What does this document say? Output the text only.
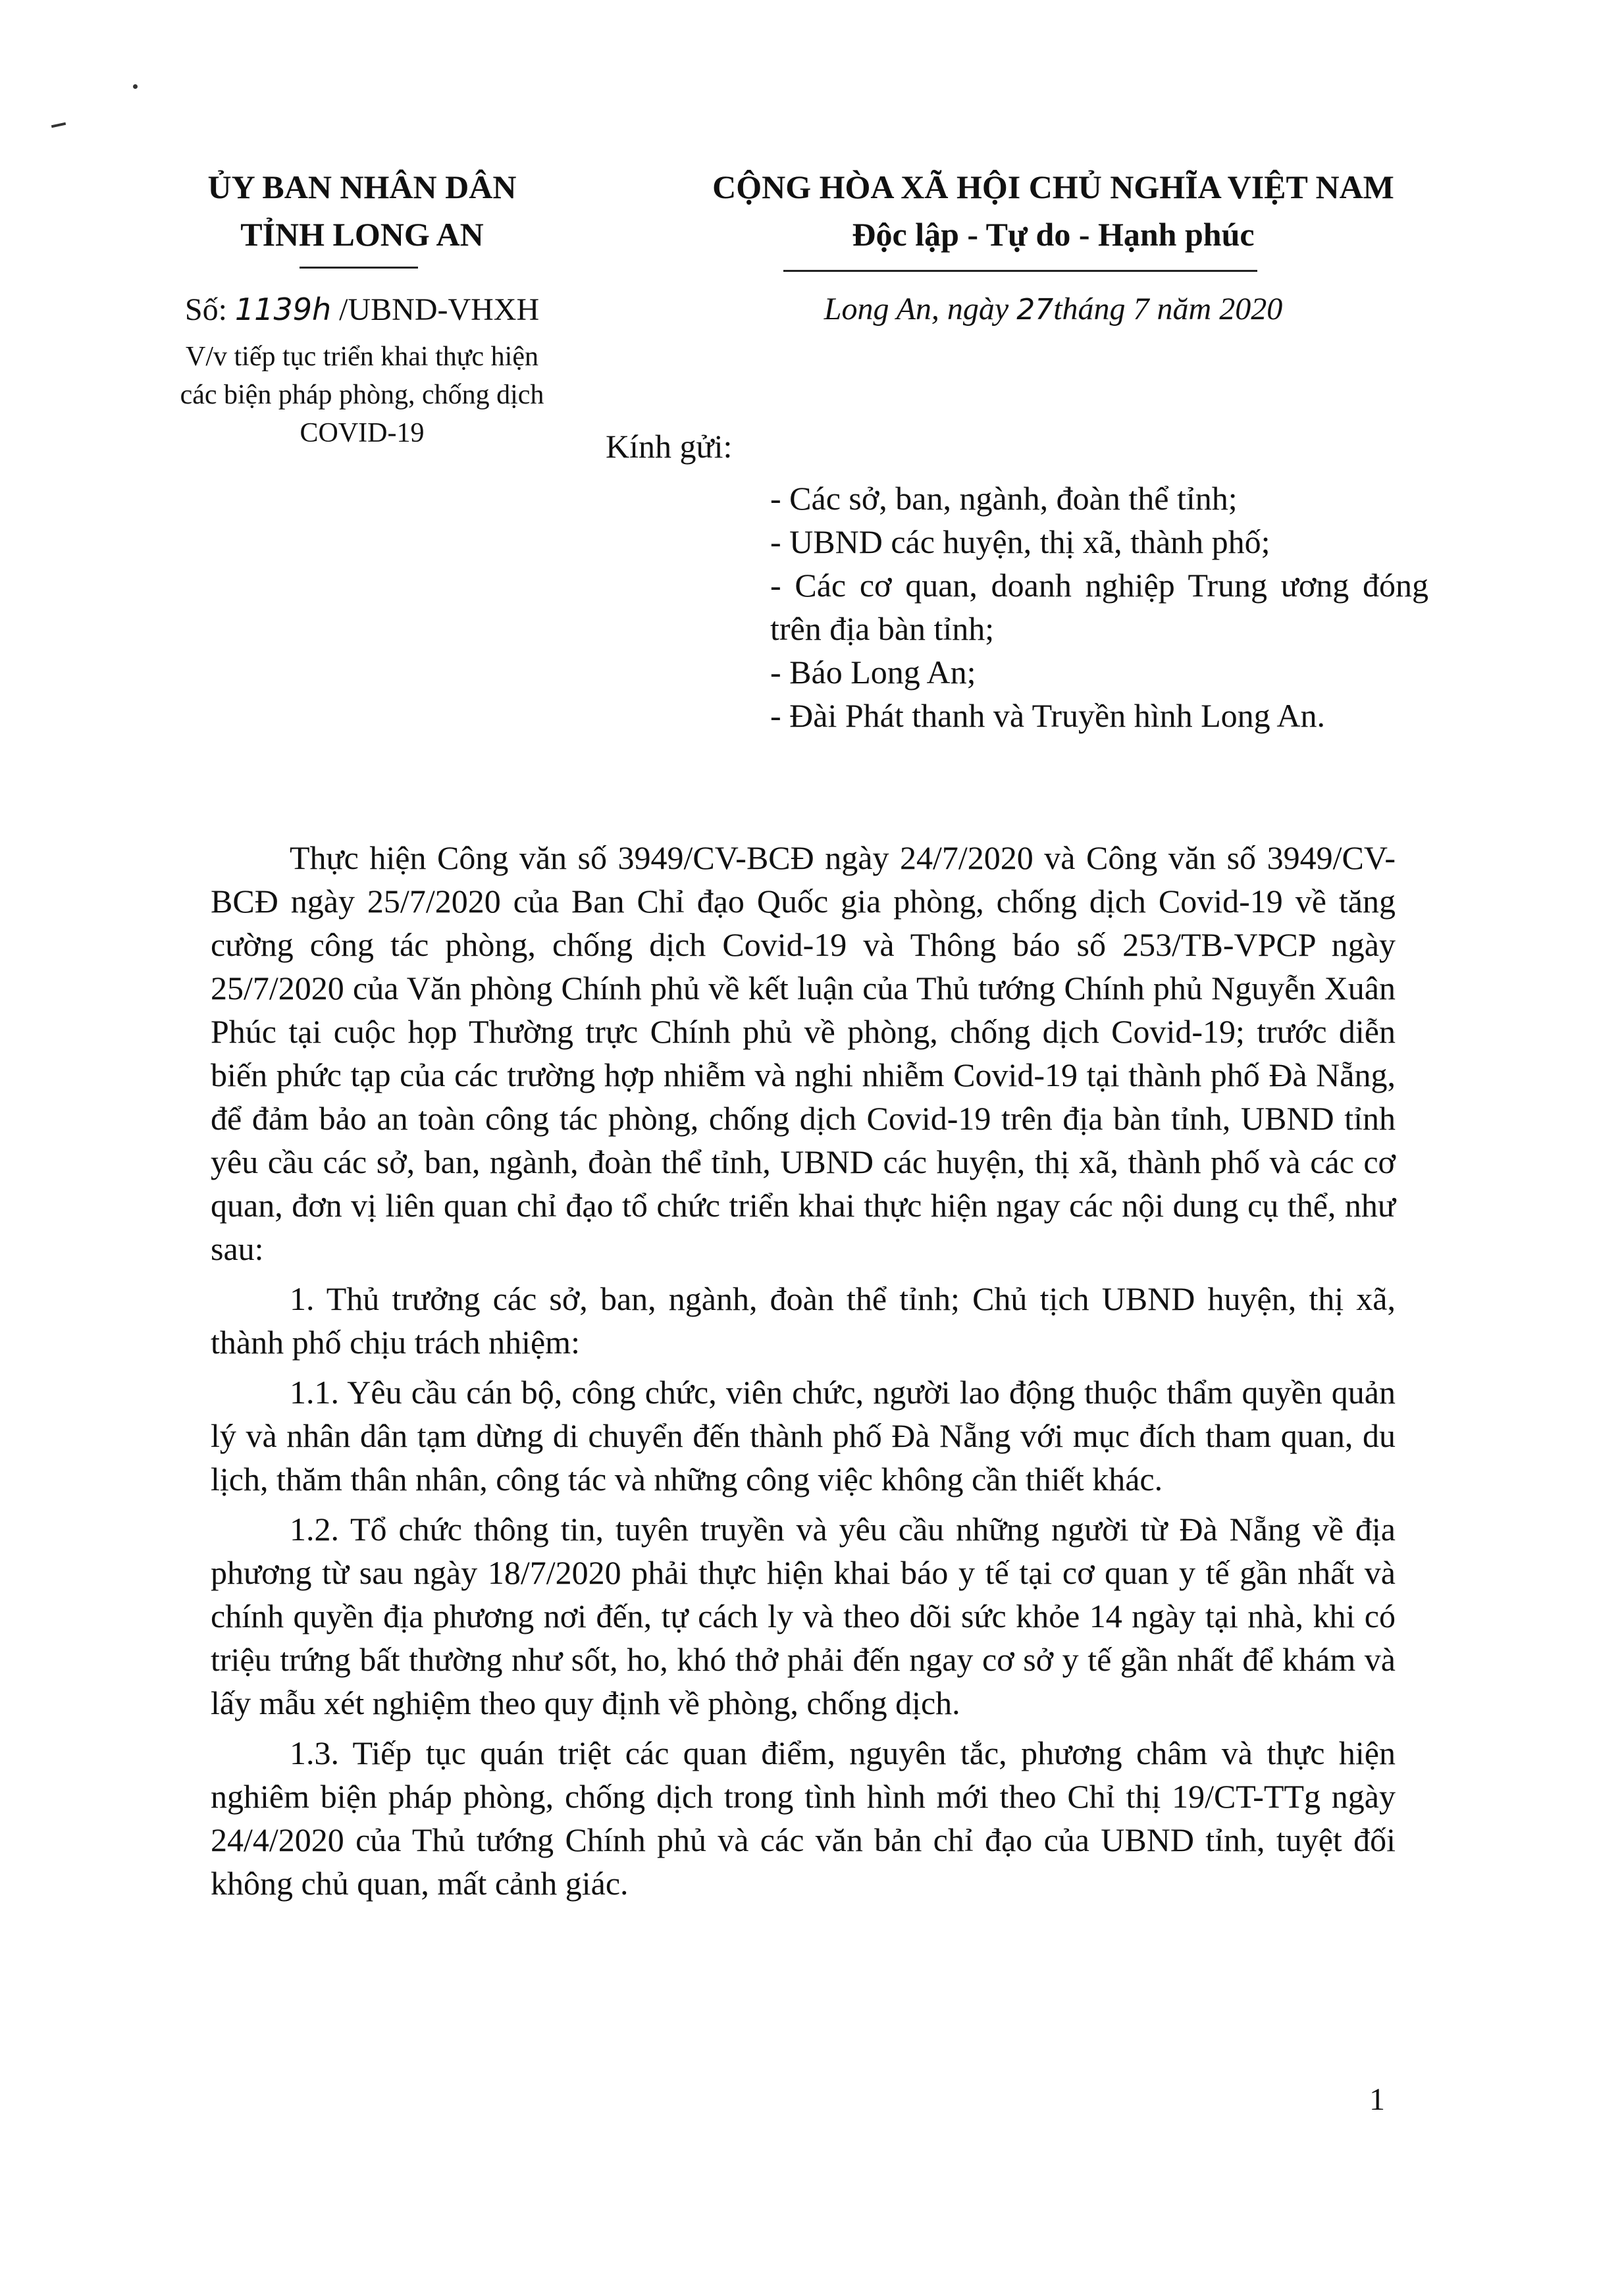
ỦY BAN NHÂN DÂN
TỈNH LONG AN
Số: 1139h /UBND-VHXH
V/v tiếp tục triển khai thực hiện
các biện pháp phòng, chống dịch
COVID-19
CỘNG HÒA XÃ HỘI CHỦ NGHĨA VIỆT NAM
Độc lập - Tự do - Hạnh phúc
Long An, ngày 27tháng 7 năm 2020
Kính gửi:
- Các sở, ban, ngành, đoàn thể tỉnh;
- UBND các huyện, thị xã, thành phố;
- Các cơ quan, doanh nghiệp Trung ương đóng trên địa bàn tỉnh;
- Báo Long An;
- Đài Phát thanh và Truyền hình Long An.

Thực hiện Công văn số 3949/CV-BCĐ ngày 24/7/2020 và Công văn số 3949/CV-BCĐ ngày 25/7/2020 của Ban Chỉ đạo Quốc gia phòng, chống dịch Covid-19 về tăng cường công tác phòng, chống dịch Covid-19 và Thông báo số 253/TB-VPCP ngày 25/7/2020 của Văn phòng Chính phủ về kết luận của Thủ tướng Chính phủ Nguyễn Xuân Phúc tại cuộc họp Thường trực Chính phủ về phòng, chống dịch Covid-19; trước diễn biến phức tạp của các trường hợp nhiễm và nghi nhiễm Covid-19 tại thành phố Đà Nẵng, để đảm bảo an toàn công tác phòng, chống dịch Covid-19 trên địa bàn tỉnh, UBND tỉnh yêu cầu các sở, ban, ngành, đoàn thể tỉnh, UBND các huyện, thị xã, thành phố và các cơ quan, đơn vị liên quan chỉ đạo tổ chức triển khai thực hiện ngay các nội dung cụ thể, như sau:

1. Thủ trưởng các sở, ban, ngành, đoàn thể tỉnh; Chủ tịch UBND huyện, thị xã, thành phố chịu trách nhiệm:

1.1. Yêu cầu cán bộ, công chức, viên chức, người lao động thuộc thẩm quyền quản lý và nhân dân tạm dừng di chuyển đến thành phố Đà Nẵng với mục đích tham quan, du lịch, thăm thân nhân, công tác và những công việc không cần thiết khác.

1.2. Tổ chức thông tin, tuyên truyền và yêu cầu những người từ Đà Nẵng về địa phương từ sau ngày 18/7/2020 phải thực hiện khai báo y tế tại cơ quan y tế gần nhất và chính quyền địa phương nơi đến, tự cách ly và theo dõi sức khỏe 14 ngày tại nhà, khi có triệu trứng bất thường như sốt, ho, khó thở phải đến ngay cơ sở y tế gần nhất để khám và lấy mẫu xét nghiệm theo quy định về phòng, chống dịch.

1.3. Tiếp tục quán triệt các quan điểm, nguyên tắc, phương châm và thực hiện nghiêm biện pháp phòng, chống dịch trong tình hình mới theo Chỉ thị 19/CT-TTg ngày 24/4/2020 của Thủ tướng Chính phủ và các văn bản chỉ đạo của UBND tỉnh, tuyệt đối không chủ quan, mất cảnh giác.

1
